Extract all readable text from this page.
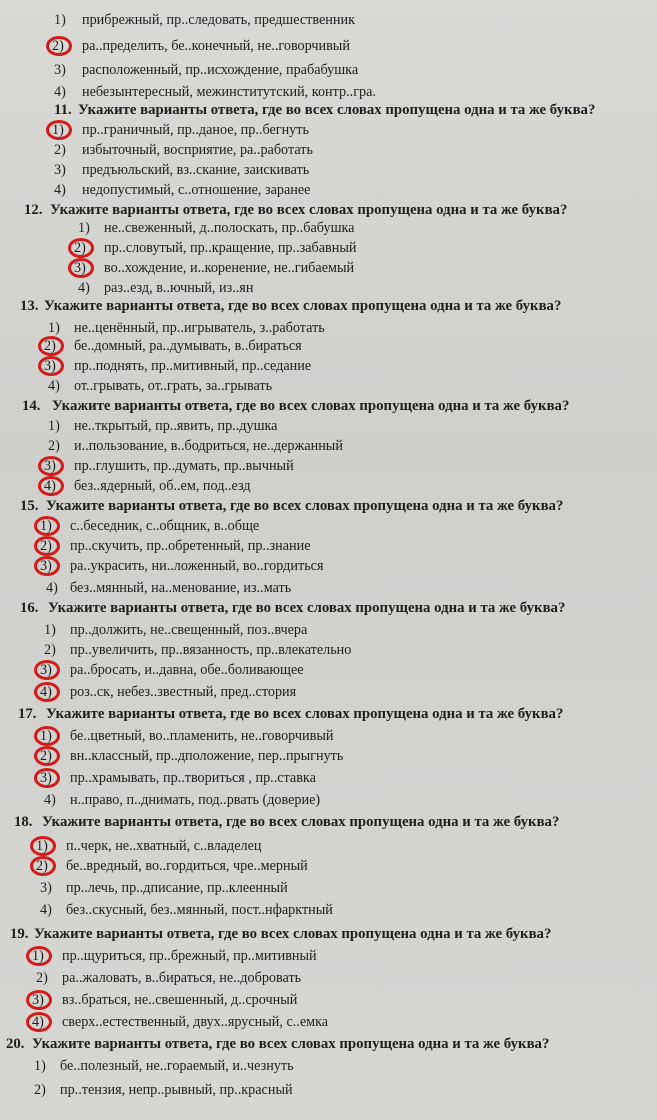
1) прибрежный, пр..следовать, предшественник
2) ра..пределить, бе..конечный, не..говорчивый
3) расположенный, пр..исхождение, прабабушка
4) небезынтересный, межинститутский, контр..гра.
11. Укажите варианты ответа, где во всех словах пропущена одна и та же буква?
1) пр..граничный, пр..даное, пр..бегнуть
2) избыточный, восприятие, ра..работать
3) предъюльский, вз..скание, заискивать
4) недопустимый, с..отношение, заранее
12. Укажите варианты ответа, где во всех словах пропущена одна и та же буква?
1) не..свеженный, д..полоскать, пр..бабушка
2) пр..словутый, пр..кращение, пр..забавный
3) во..хождение, и..коренение, не..гибаемый
4) раз..езд, в..ючный, из..ян
13. Укажите варианты ответа, где во всех словах пропущена одна и та же буква?
1) не..ценённый, пр..игрыватель, з..работать
2) бе..домный, ра..думывать, в..бираться
3) пр..поднять, пр..митивный, пр..седание
4) от..грывать, от..грать, за..грывать
14. Укажите варианты ответа, где во всех словах пропущена одна и та же буква?
1) не..ткрытый, пр..явить, пр..душка
2) и..пользование, в..бодриться, не..держанный
3) пр..глушить, пр..думать, пр..вычный
4) без..ядерный, об..ем, под..езд
15. Укажите варианты ответа, где во всех словах пропущена одна и та же буква?
1) с..беседник, с..общник, в..обще
2) пр..скучить, пр..обретенный, пр..знание
3) ра..украсить, ни..ложенный, во..гордиться
4) без..мянный, на..менование, из..мать
16. Укажите варианты ответа, где во всех словах пропущена одна и та же буква?
1) пр..должить, не..свещенный, поз..вчера
2) пр..увеличить, пр..вязанность, пр..влекательно
3) ра..бросать, и..давна, обе..боливающее
4) роз..ск, небез..звестный, пред..стория
17. Укажите варианты ответа, где во всех словах пропущена одна и та же буква?
1) бе..цветный, во..пламенить, не..говорчивый
2) вн..классный, пр..дположение, пер..прыгнуть
3) пр..храмывать, пр..твориться , пр..ставка
4) н..право, п..днимать, под..рвать (доверие)
18. Укажите варианты ответа, где во всех словах пропущена одна и та же буква?
1) п..черк, не..хватный, с..владелец
2) бе..вредный, во..гордиться, чре..мерный
3) пр..лечь, пр..дписание, пр..клеенный
4) без..скусный, без..мянный, пост..нфарктный
19. Укажите варианты ответа, где во всех словах пропущена одна и та же буква?
1) пр..щуриться, пр..брежный, пр..митивный
2) ра..жаловать, в..бираться, не..добровать
3) вз..браться, не..свешенный, д..срочный
4) сверх..естественный, двух..ярусный, с..емка
20. Укажите варианты ответа, где во всех словах пропущена одна и та же буква?
1) бе..полезный, не..гораемый, и..чезнуть
2) пр..тензия, непр..рывный, пр..красный
